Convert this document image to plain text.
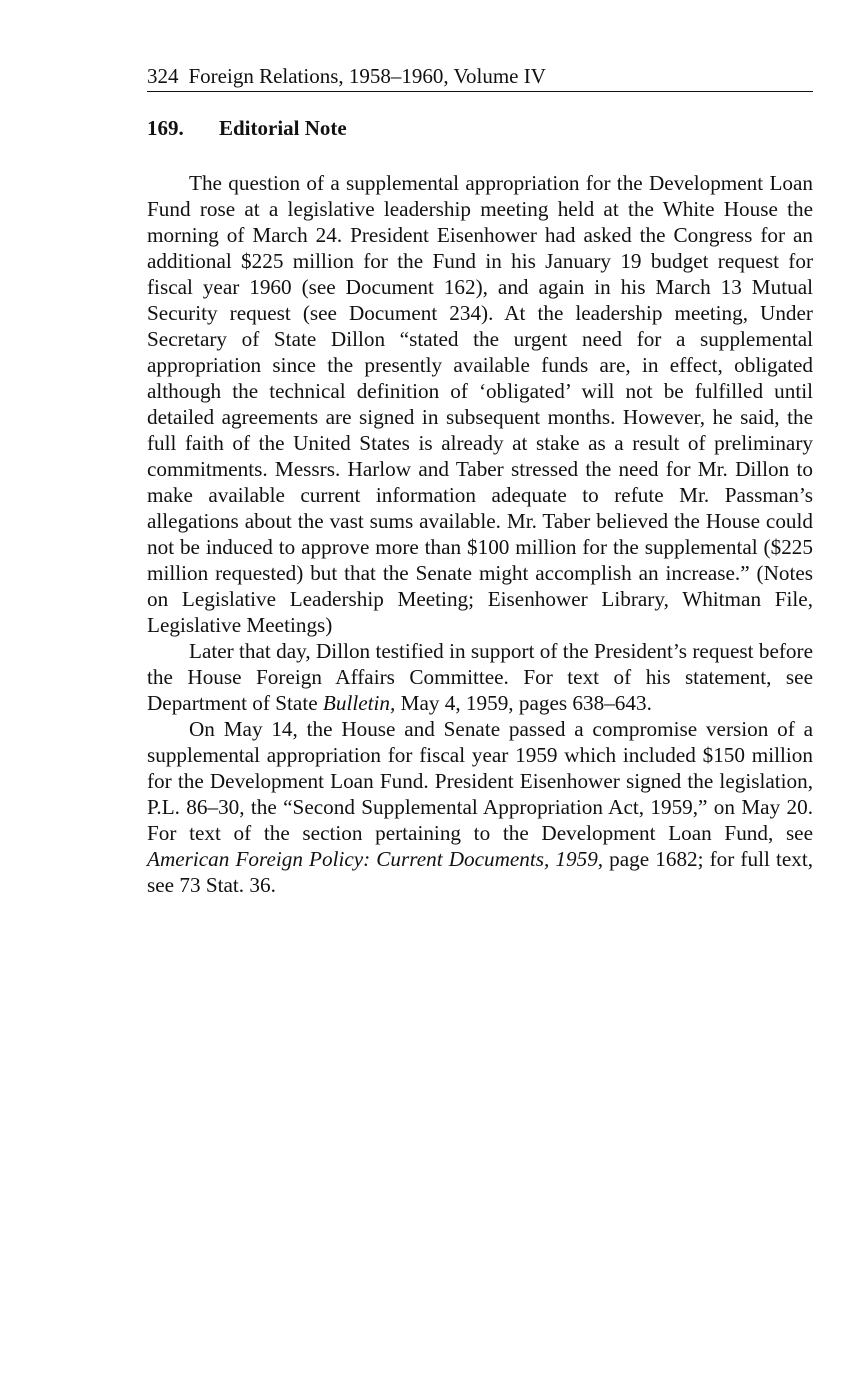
324 Foreign Relations, 1958–1960, Volume IV
169. Editorial Note

The question of a supplemental appropriation for the Development Loan Fund rose at a legislative leadership meeting held at the White House the morning of March 24. President Eisenhower had asked the Congress for an additional $225 million for the Fund in his January 19 budget request for fiscal year 1960 (see Document 162), and again in his March 13 Mutual Security request (see Document 234). At the leadership meeting, Under Secretary of State Dillon “stated the urgent need for a supplemental appropriation since the presently available funds are, in effect, obligated although the technical definition of ‘obligated’ will not be fulfilled until detailed agreements are signed in subsequent months. However, he said, the full faith of the United States is already at stake as a result of preliminary commitments. Messrs. Harlow and Taber stressed the need for Mr. Dillon to make available current information adequate to refute Mr. Passman’s allegations about the vast sums available. Mr. Taber believed the House could not be induced to approve more than $100 million for the supplemental ($225 million requested) but that the Senate might accomplish an increase.” (Notes on Legislative Leadership Meeting; Eisenhower Library, Whitman File, Legislative Meetings)

Later that day, Dillon testified in support of the President’s request before the House Foreign Affairs Committee. For text of his statement, see Department of State Bulletin, May 4, 1959, pages 638–643.

On May 14, the House and Senate passed a compromise version of a supplemental appropriation for fiscal year 1959 which included $150 million for the Development Loan Fund. President Eisenhower signed the legislation, P.L. 86–30, the “Second Supplemental Appropriation Act, 1959,” on May 20. For text of the section pertaining to the Development Loan Fund, see American Foreign Policy: Current Documents, 1959, page 1682; for full text, see 73 Stat. 36.
